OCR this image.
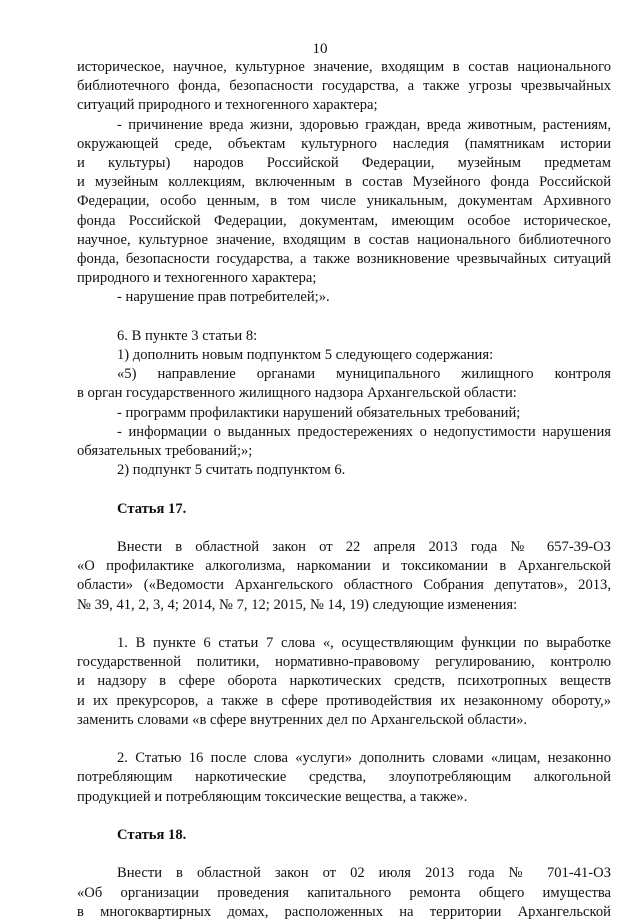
10

историческое, научное, культурное значение, входящим в состав национального

библиотечного фонда, безопасности государства, а также угрозы чрезвычайных

ситуаций природного и техногенного характера;

- причинение вреда жизни, здоровью граждан, вреда животным, растениям,

окружающей среде, объектам культурного наследия (памятникам истории

и культуры) народов Российской Федерации, музейным предметам

и музейным коллекциям, включенным в состав Музейного фонда Российской

Федерации, особо ценным, в том числе уникальным, документам Архивного

фонда Российской Федерации, документам, имеющим особое историческое,

научное, культурное значение, входящим в состав национального библиотечного

фонда, безопасности государства, а также возникновение чрезвычайных ситуаций

природного и техногенного характера;

- нарушение прав потребителей;».

6. В пункте 3 статьи 8:

1) дополнить новым подпунктом 5 следующего содержания:

«5) направление органами муниципального жилищного контроля

в орган государственного жилищного надзора Архангельской области:

- программ профилактики нарушений обязательных требований;

- информации о выданных предостережениях о недопустимости нарушения

обязательных требований;»;

2) подпункт 5 считать подпунктом 6.

Статья 17.

Внести в областной закон от 22 апреля 2013 года № 657-39-ОЗ

«О профилактике алкоголизма, наркомании и токсикомании в Архангельской

области» («Ведомости Архангельского областного Собрания депутатов», 2013,

№ 39, 41, 2, 3, 4; 2014, № 7, 12; 2015, № 14, 19) следующие изменения:

1. В пункте 6 статьи 7 слова «, осуществляющим функции по выработке

государственной политики, нормативно-правовому регулированию, контролю

и надзору в сфере оборота наркотических средств, психотропных веществ

и их прекурсоров, а также в сфере противодействия их незаконному обороту,»

заменить словами «в сфере внутренних дел по Архангельской области».

2. Статью 16 после слова «услуги» дополнить словами «лицам, незаконно

потребляющим наркотические средства, злоупотребляющим алкогольной

продукцией и потребляющим токсические вещества, а также».

Статья 18.

Внести в областной закон от 02 июля 2013 года № 701-41-ОЗ

«Об организации проведения капитального ремонта общего имущества

в многоквартирных домах, расположенных на территории Архангельской
